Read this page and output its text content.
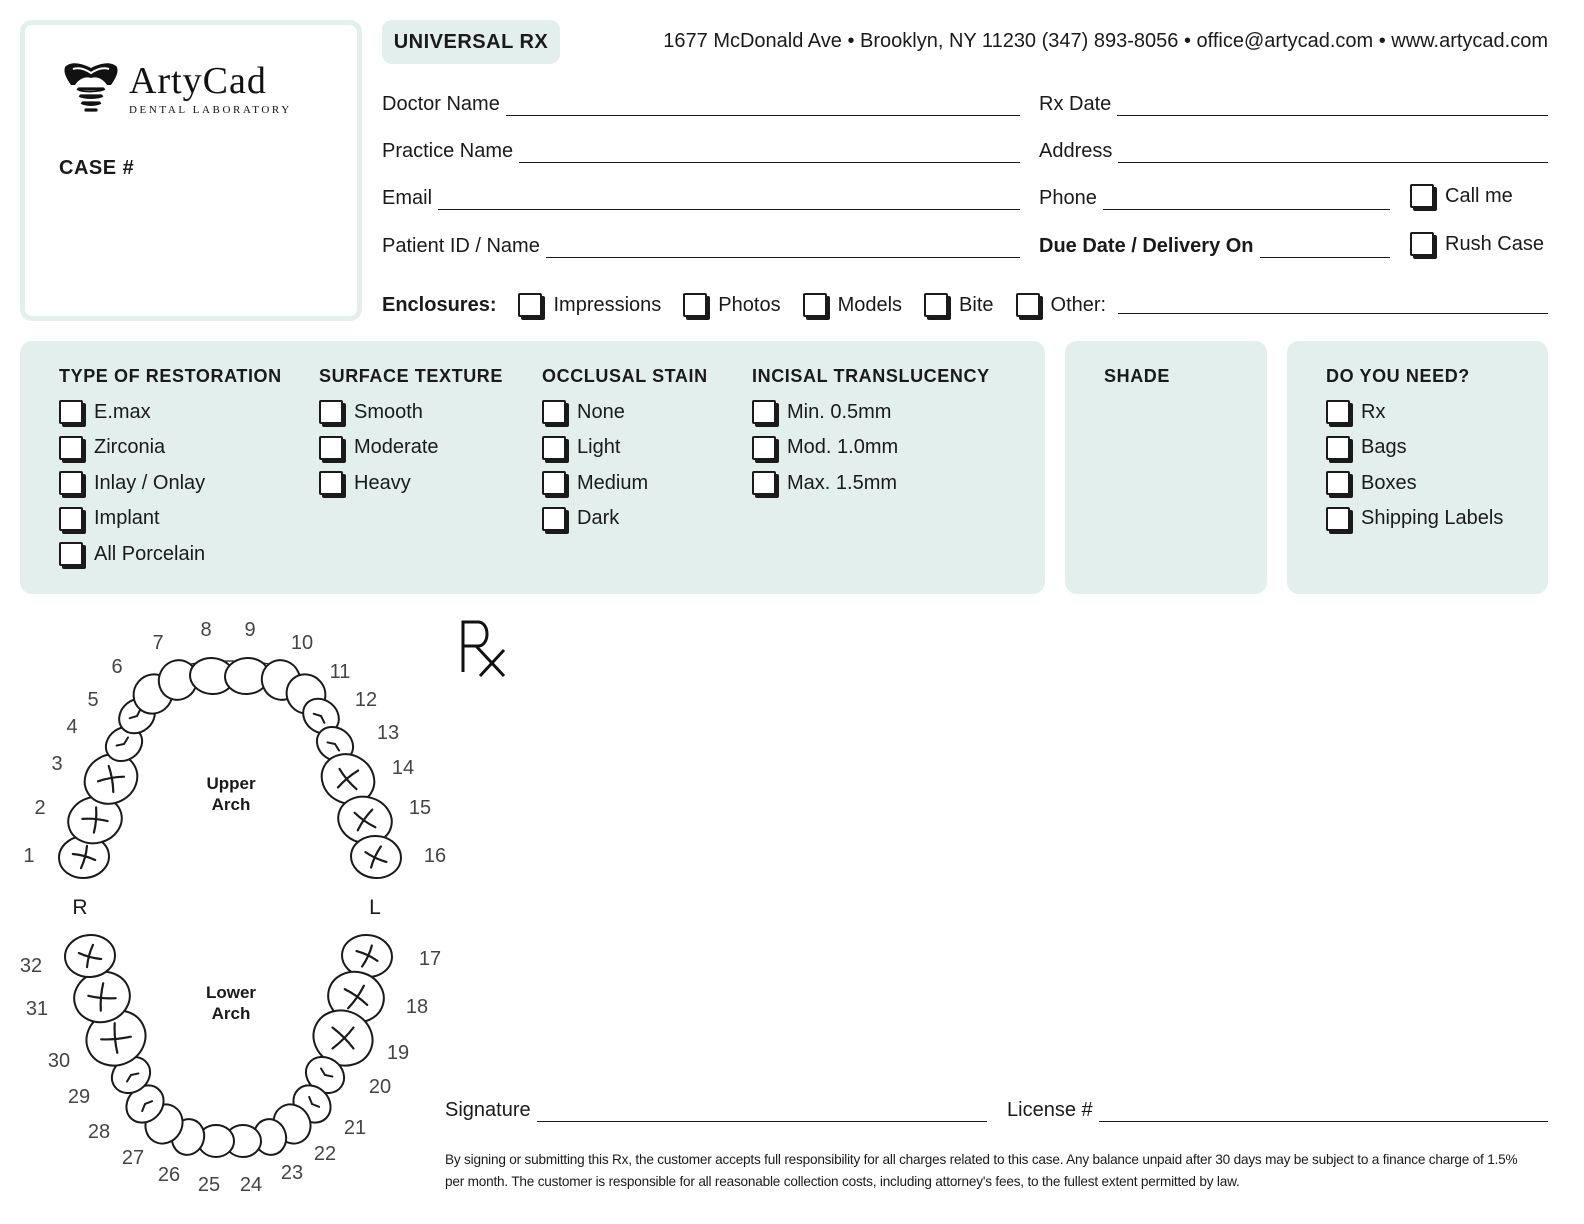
ArtyCad
DENTAL LABORATORY
CASE #
UNIVERSAL RX	1677 McDonald Ave • Brooklyn, NY 11230 (347) 893-8056 • office@artycad.com • www.artycad.com
Doctor Name	Rx Date
Practice Name	Address
Email	Phone	Call me
Patient ID / Name	Due Date / Delivery On	Rush Case
Enclosures:	Impressions	Photos	Models	Bite	Other:
TYPE OF RESTORATION
E.max
Zirconia
Inlay / Onlay
Implant
All Porcelain
SURFACE TEXTURE
Smooth
Moderate
Heavy
OCCLUSAL STAIN
None
Light
Medium
Dark
INCISAL TRANSLUCENCY
Min. 0.5mm
Mod. 1.0mm
Max. 1.5mm
SHADE	DO YOU NEED?
Rx
Bags
Boxes
Shipping Labels
1
2
3
4
5
6
7
8 9
10
11
12
13
14
15
16
17
18
19
20
21
22
23
24
25
26
27
28
29
30
31
32
Upper
Arch
Lower
Arch
R	L
Signature	License #
By signing or submitting this Rx, the customer accepts full responsibility for all charges related to this case. Any balance unpaid after 30 days may be subject to a finance charge of 1.5% per month. The customer is responsible for all reasonable collection costs, including attorney's fees, to the fullest extent permitted by law.
